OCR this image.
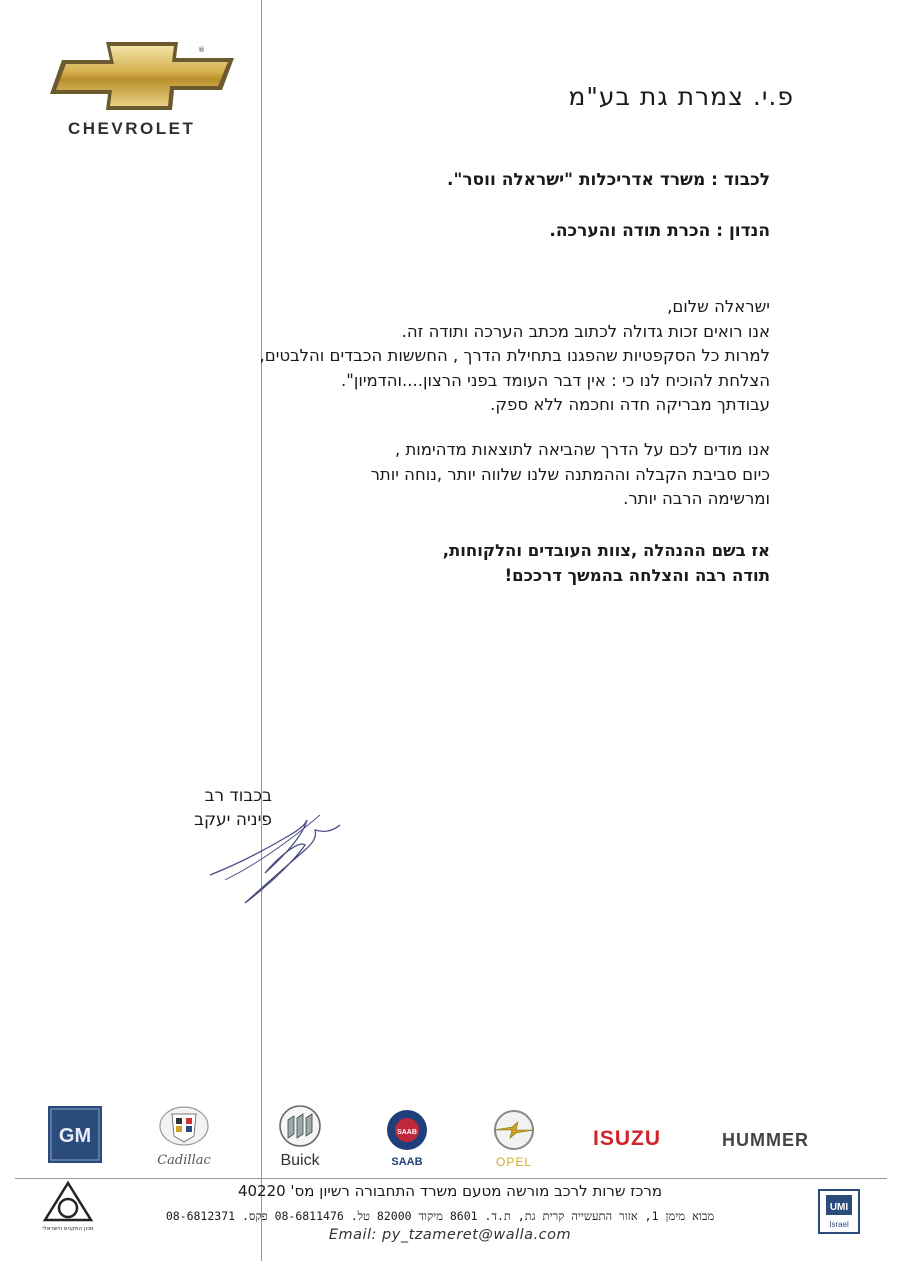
®
CHEVROLET
פ.י. צמרת גת בע"מ
לכבוד : משרד אדריכלות "ישראלה ווסר".
הנדון : הכרת תודה והערכה.
ישראלה שלום,
אנו רואים זכות גדולה לכתוב מכתב הערכה ותודה זה.
למרות כל הסקפטיות שהפגנו בתחילת הדרך , החששות הכבדים והלבטים,
הצלחת להוכיח לנו כי : אין דבר העומד בפני הרצון....והדמיון".
עבודתך מבריקה חדה וחכמה ללא ספק.
אנו מודים לכם על הדרך שהביאה לתוצאות מדהימות ,
כיום סביבת הקבלה וההמתנה שלנו שלווה יותר ,נוחה יותר
ומרשימה הרבה יותר.
אז בשם ההנהלה ,צוות העובדים והלקוחות,
תודה רבה והצלחה בהמשך דרככם!
בכבוד רב
פיניה יעקב
GM
Cadillac	Buick
SAAB
SAAB	OPEL
ISUZU	HUMMER
מכון התקנים הישראלי
מרכז שרות לרכב מורשה מטעם משרד התחבורה רשיון מס' 40220
מבוא מימן 1, אזור התעשייה קרית גת, ת.ד. 8601 מיקוד 82000 טל. 08-6811476 פקס. 08-6812371
Email: py_tzameret@walla.com
UMI
Israel
